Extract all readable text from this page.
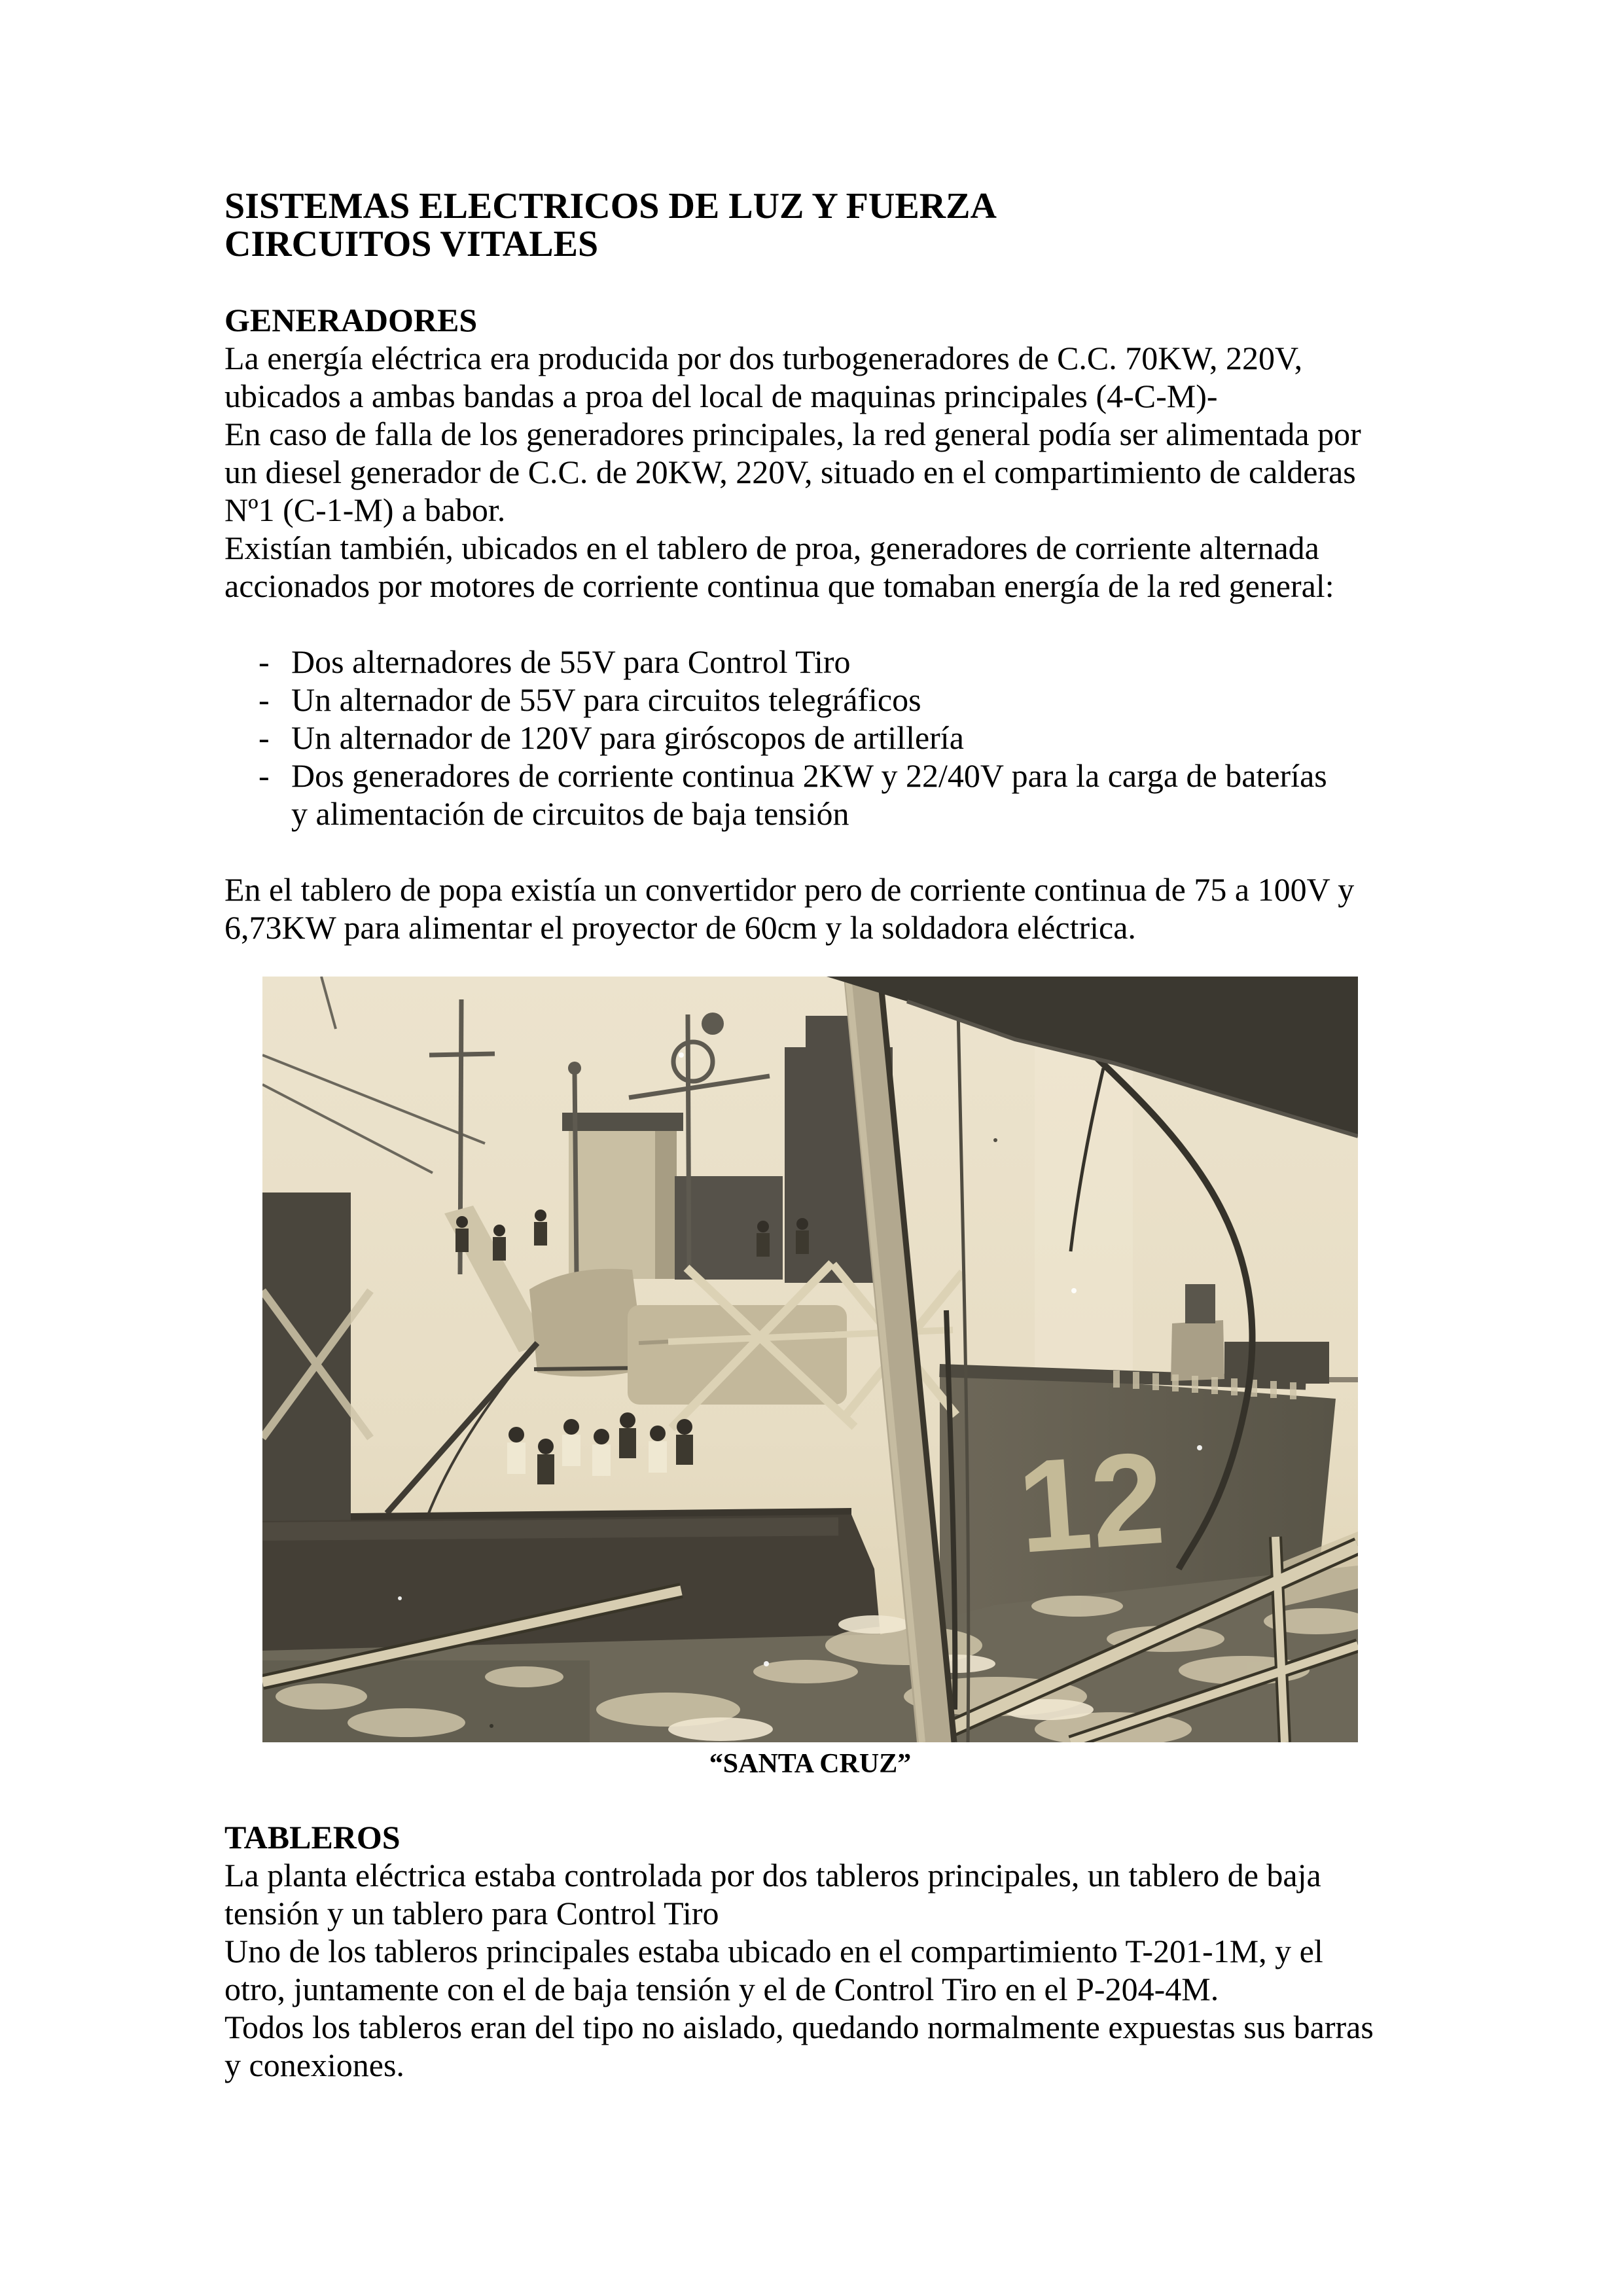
SISTEMAS ELECTRICOS DE LUZ Y FUERZA
CIRCUITOS VITALES
GENERADORES
La energía eléctrica era producida por dos turbogeneradores de C.C. 70KW, 220V,
ubicados a ambas bandas a proa del local de maquinas principales (4-C-M)-
En caso de falla de los generadores principales, la red general podía ser alimentada por
un diesel generador de C.C. de 20KW, 220V, situado en el compartimiento de calderas
Nº1 (C-1-M) a babor.
Existían también, ubicados en el tablero de proa, generadores de corriente alternada
accionados por motores de corriente continua que tomaban energía de la red general:
- Dos alternadores de 55V para Control Tiro
- Un alternador de 55V para circuitos telegráficos
- Un alternador de 120V para giróscopos de artillería
- Dos generadores de corriente continua 2KW y 22/40V para la carga de baterías
y alimentación de circuitos de baja tensión
En el tablero de popa existía un convertidor pero de corriente continua de 75 a 100V y
6,73KW para alimentar el proyector de 60cm y la soldadora eléctrica.
12
“SANTA CRUZ”
TABLEROS
La planta eléctrica estaba controlada por dos tableros principales, un tablero de baja
tensión y un tablero para Control Tiro
Uno de los tableros principales estaba ubicado en el compartimiento T-201-1M, y el
otro, juntamente con el de baja tensión y el de Control Tiro en el P-204-4M.
Todos los tableros eran del tipo no aislado, quedando normalmente expuestas sus barras
y conexiones.
